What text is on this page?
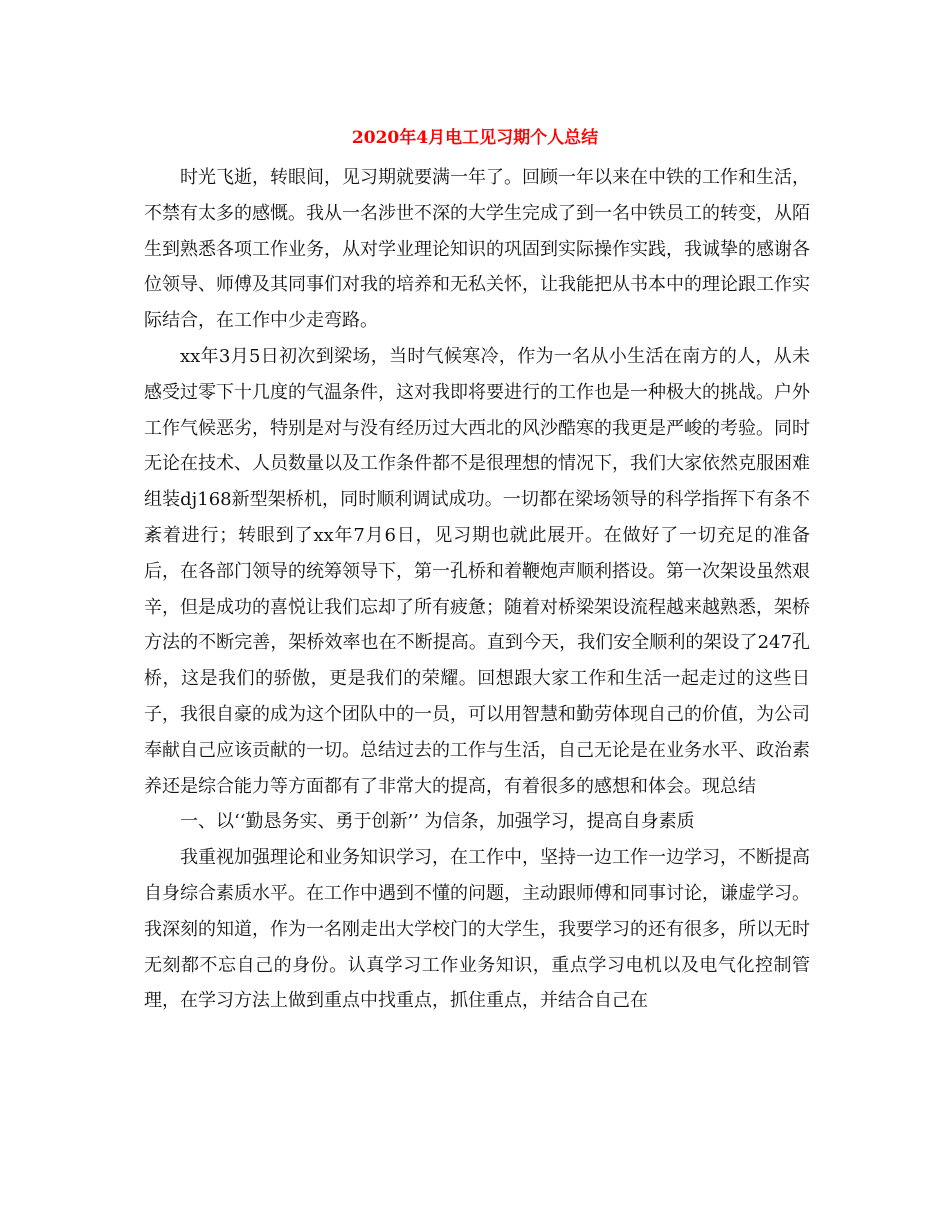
2020年4月电工见习期个人总结

时光飞逝，转眼间，见习期就要满一年了。回顾一年以来在中铁的工作和生活，不禁有太多的感慨。我从一名涉世不深的大学生完成了到一名中铁员工的转变，从陌生到熟悉各项工作业务，从对学业理论知识的巩固到实际操作实践，我诚挚的感谢各位领导、师傅及其同事们对我的培养和无私关怀，让我能把从书本中的理论跟工作实际结合，在工作中少走弯路。

xx年3月5日初次到梁场，当时气候寒冷，作为一名从小生活在南方的人，从未感受过零下十几度的气温条件，这对我即将要进行的工作也是一种极大的挑战。户外工作气候恶劣，特别是对与没有经历过大西北的风沙酷寒的我更是严峻的考验。同时无论在技术、人员数量以及工作条件都不是很理想的情况下，我们大家依然克服困难组装dj168新型架桥机，同时顺利调试成功。一切都在梁场领导的科学指挥下有条不紊着进行；转眼到了xx年7月6日，见习期也就此展开。在做好了一切充足的准备后，在各部门领导的统筹领导下，第一孔桥和着鞭炮声顺利搭设。第一次架设虽然艰辛，但是成功的喜悦让我们忘却了所有疲惫；随着对桥梁架设流程越来越熟悉，架桥方法的不断完善，架桥效率也在不断提高。直到今天，我们安全顺利的架设了247孔桥，这是我们的骄傲，更是我们的荣耀。回想跟大家工作和生活一起走过的这些日子，我很自豪的成为这个团队中的一员，可以用智慧和勤劳体现自己的价值，为公司奉献自己应该贡献的一切。总结过去的工作与生活，自己无论是在业务水平、政治素养还是综合能力等方面都有了非常大的提高，有着很多的感想和体会。现总结

一、以‘‘勤恳务实、勇于创新’’ 为信条，加强学习，提高自身素质

我重视加强理论和业务知识学习，在工作中，坚持一边工作一边学习，不断提高自身综合素质水平。在工作中遇到不懂的问题，主动跟师傅和同事讨论，谦虚学习。我深刻的知道，作为一名刚走出大学校门的大学生，我要学习的还有很多，所以无时无刻都不忘自己的身份。认真学习工作业务知识，重点学习电机以及电气化控制管理，在学习方法上做到重点中找重点，抓住重点，并结合自己在
